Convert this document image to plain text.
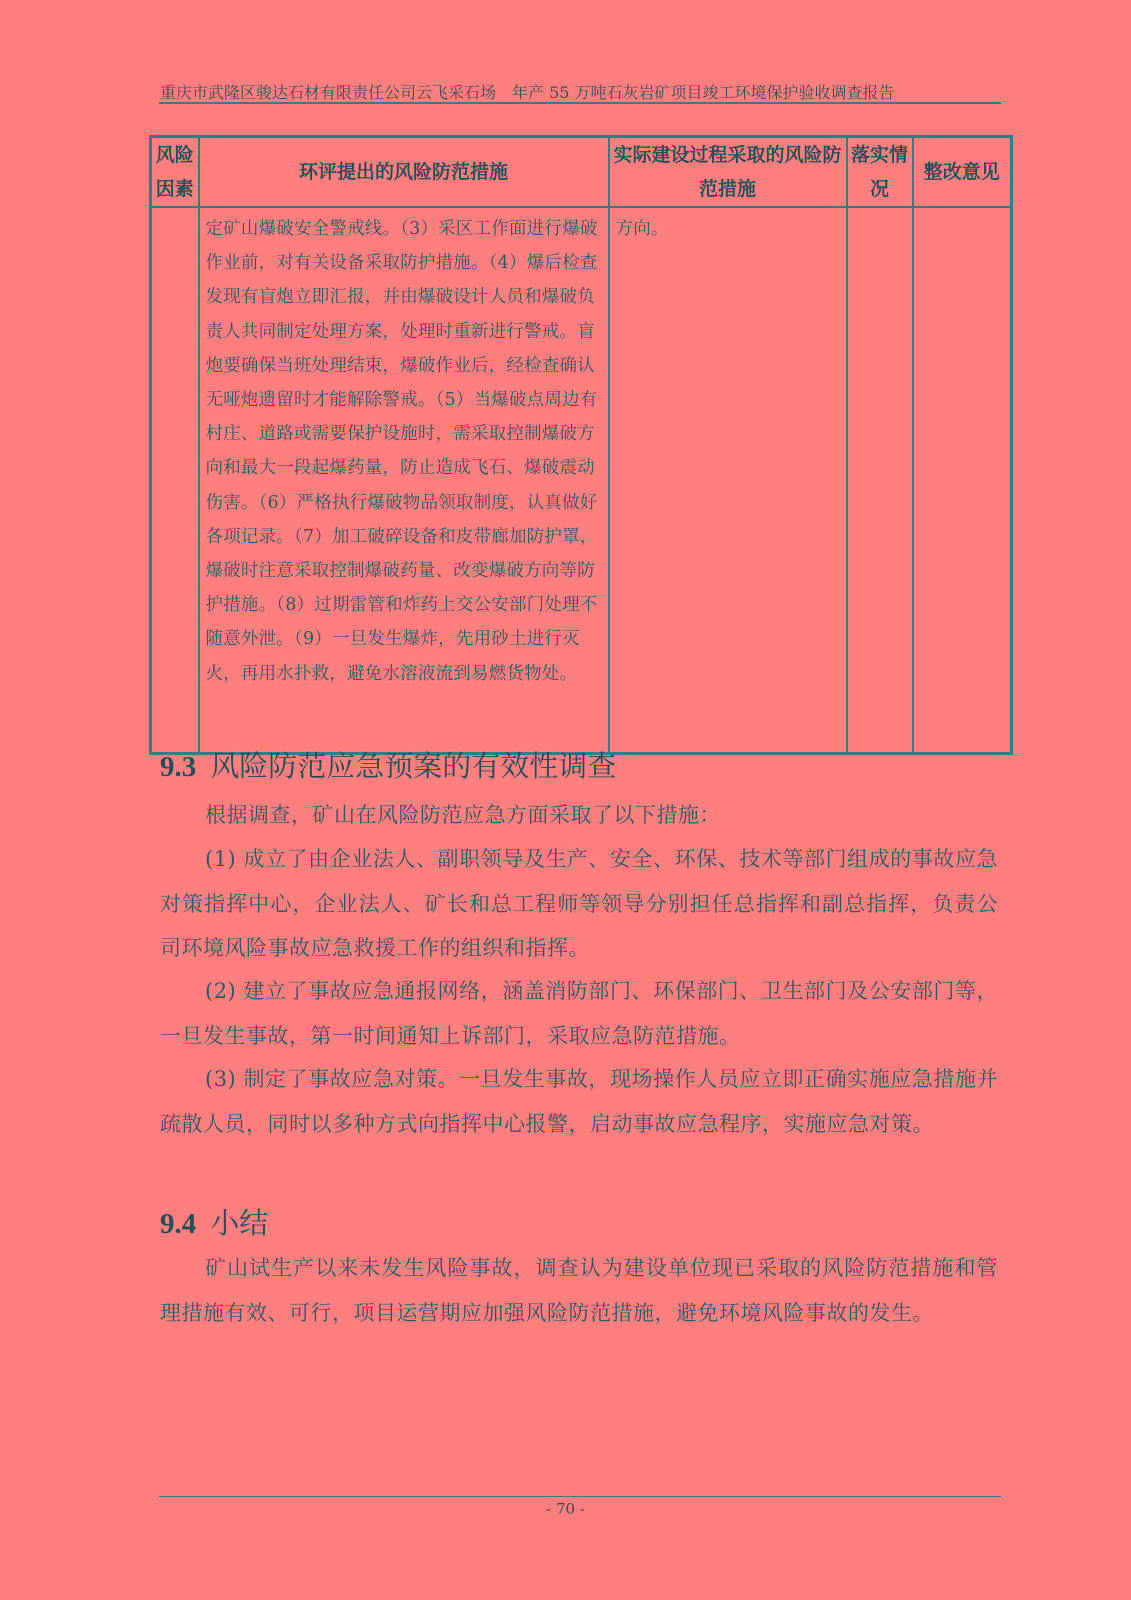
重庆市武隆区骏达石材有限责任公司云飞采石场　年产 55 万吨石灰岩矿项目竣工环境保护验收调查报告
风险因素	环评提出的风险防范措施	实际建设过程采取的风险防范措施	落实情况	整改意见
	定矿山爆破安全警戒线。（3）采区工作面进行爆破作业前，对有关设备采取防护措施。（4）爆后检查发现有盲炮立即汇报，并由爆破设计人员和爆破负责人共同制定处理方案，处理时重新进行警戒。盲炮要确保当班处理结束，爆破作业后，经检查确认无哑炮遗留时才能解除警戒。（5）当爆破点周边有村庄、道路或需要保护设施时，需采取控制爆破方向和最大一段起爆药量，防止造成飞石、爆破震动伤害。（6）严格执行爆破物品领取制度，认真做好各项记录。（7）加工破碎设备和皮带廊加防护罩，爆破时注意采取控制爆破药量、改变爆破方向等防护措施。（8）过期雷管和炸药上交公安部门处理不随意外泄。（9）一旦发生爆炸，先用砂土进行灭火，再用水扑救，避免水溶液流到易燃货物处。	方向。		
9.3 风险防范应急预案的有效性调查
根据调查，矿山在风险防范应急方面采取了以下措施：
(1) 成立了由企业法人、副职领导及生产、安全、环保、技术等部门组成的事故应急对策指挥中心，企业法人、矿长和总工程师等领导分别担任总指挥和副总指挥，负责公司环境风险事故应急救援工作的组织和指挥。
(2) 建立了事故应急通报网络，涵盖消防部门、环保部门、卫生部门及公安部门等，一旦发生事故，第一时间通知上诉部门，采取应急防范措施。
(3) 制定了事故应急对策。一旦发生事故，现场操作人员应立即正确实施应急措施并疏散人员，同时以多种方式向指挥中心报警，启动事故应急程序，实施应急对策。
9.4 小结
矿山试生产以来未发生风险事故，调查认为建设单位现已采取的风险防范措施和管理措施有效、可行，项目运营期应加强风险防范措施，避免环境风险事故的发生。
- 70 -
